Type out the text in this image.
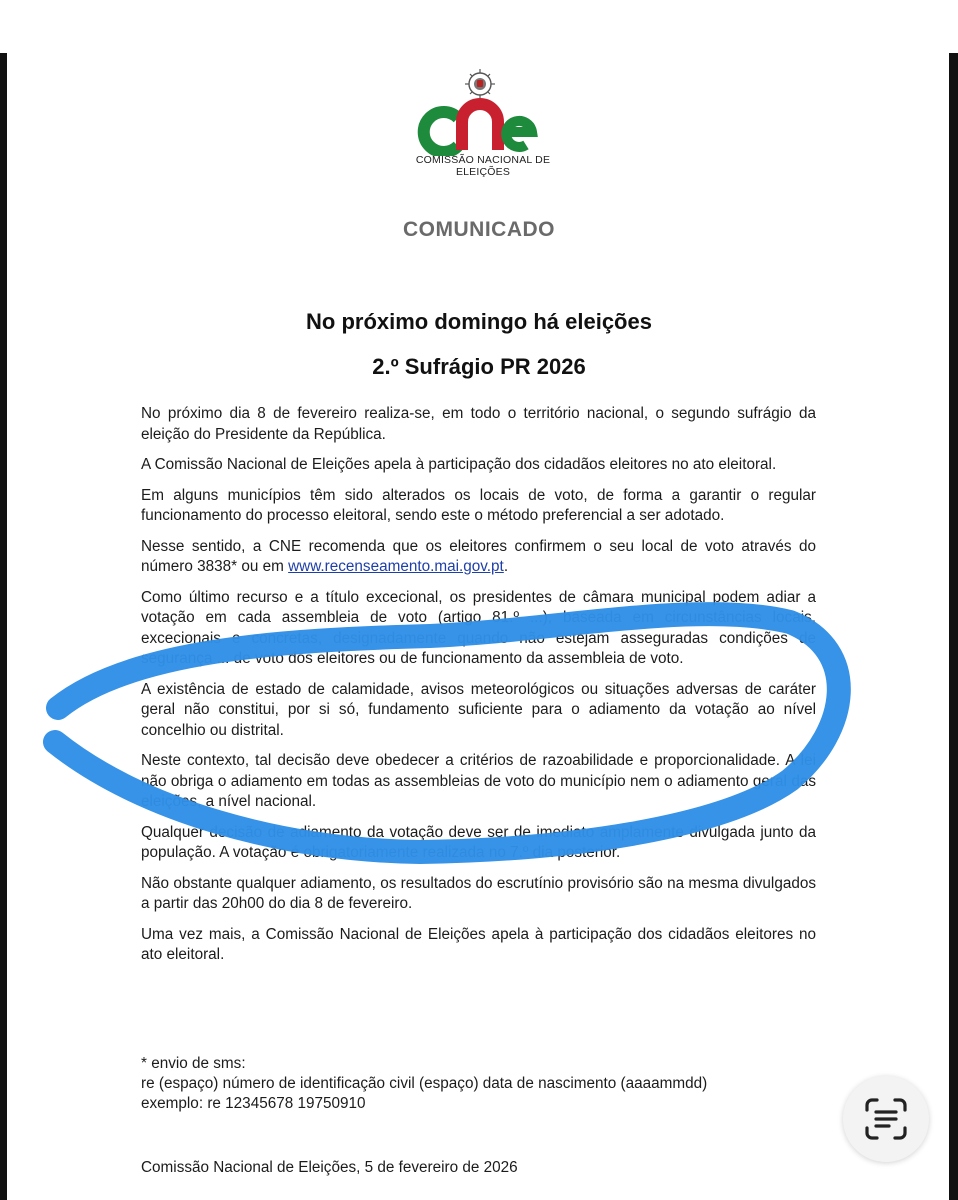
COMISSÃO NACIONAL DE ELEIÇÕES
COMUNICADO
No próximo domingo há eleições
2.º Sufrágio PR 2026

No próximo dia 8 de fevereiro realiza-se, em todo o território nacional, o segundo sufrágio da eleição do Presidente da República.

A Comissão Nacional de Eleições apela à participação dos cidadãos eleitores no ato eleitoral.

Em alguns municípios têm sido alterados os locais de voto, de forma a garantir o regular funcionamento do processo eleitoral, sendo este o método preferencial a ser adotado.

Nesse sentido, a CNE recomenda que os eleitores confirmem o seu local de voto através do número 3838* ou em www.recenseamento.mai.gov.pt.

Como último recurso e a título excecional, os presidentes de câmara municipal podem adiar a votação em cada assembleia de voto (artigo 81.º ...), baseada em circunstâncias locais, excecionais e concretas, designadamente quando não estejam asseguradas condições de segurança ... de voto dos eleitores ou de funcionamento da assembleia de voto.

A existência de estado de calamidade, avisos meteorológicos ou situações adversas de caráter geral não constitui, por si só, fundamento suficiente para o adiamento da votação ao nível concelhio ou distrital.

Neste contexto, tal decisão deve obedecer a critérios de razoabilidade e proporcionalidade. A lei não obriga o adiamento em todas as assembleias de voto do município nem o adiamento geral das eleições, a nível nacional.

Qualquer decisão de adiamento da votação deve ser de imediato amplamente divulgada junto da população. A votação é obrigatoriamente realizada no 7.º dia posterior.

Não obstante qualquer adiamento, os resultados do escrutínio provisório são na mesma divulgados a partir das 20h00 do dia 8 de fevereiro.

Uma vez mais, a Comissão Nacional de Eleições apela à participação dos cidadãos eleitores no ato eleitoral.

* envio de sms:
re (espaço) número de identificação civil (espaço) data de nascimento (aaaammdd)
exemplo: re 12345678 19750910
Comissão Nacional de Eleições, 5 de fevereiro de 2026
